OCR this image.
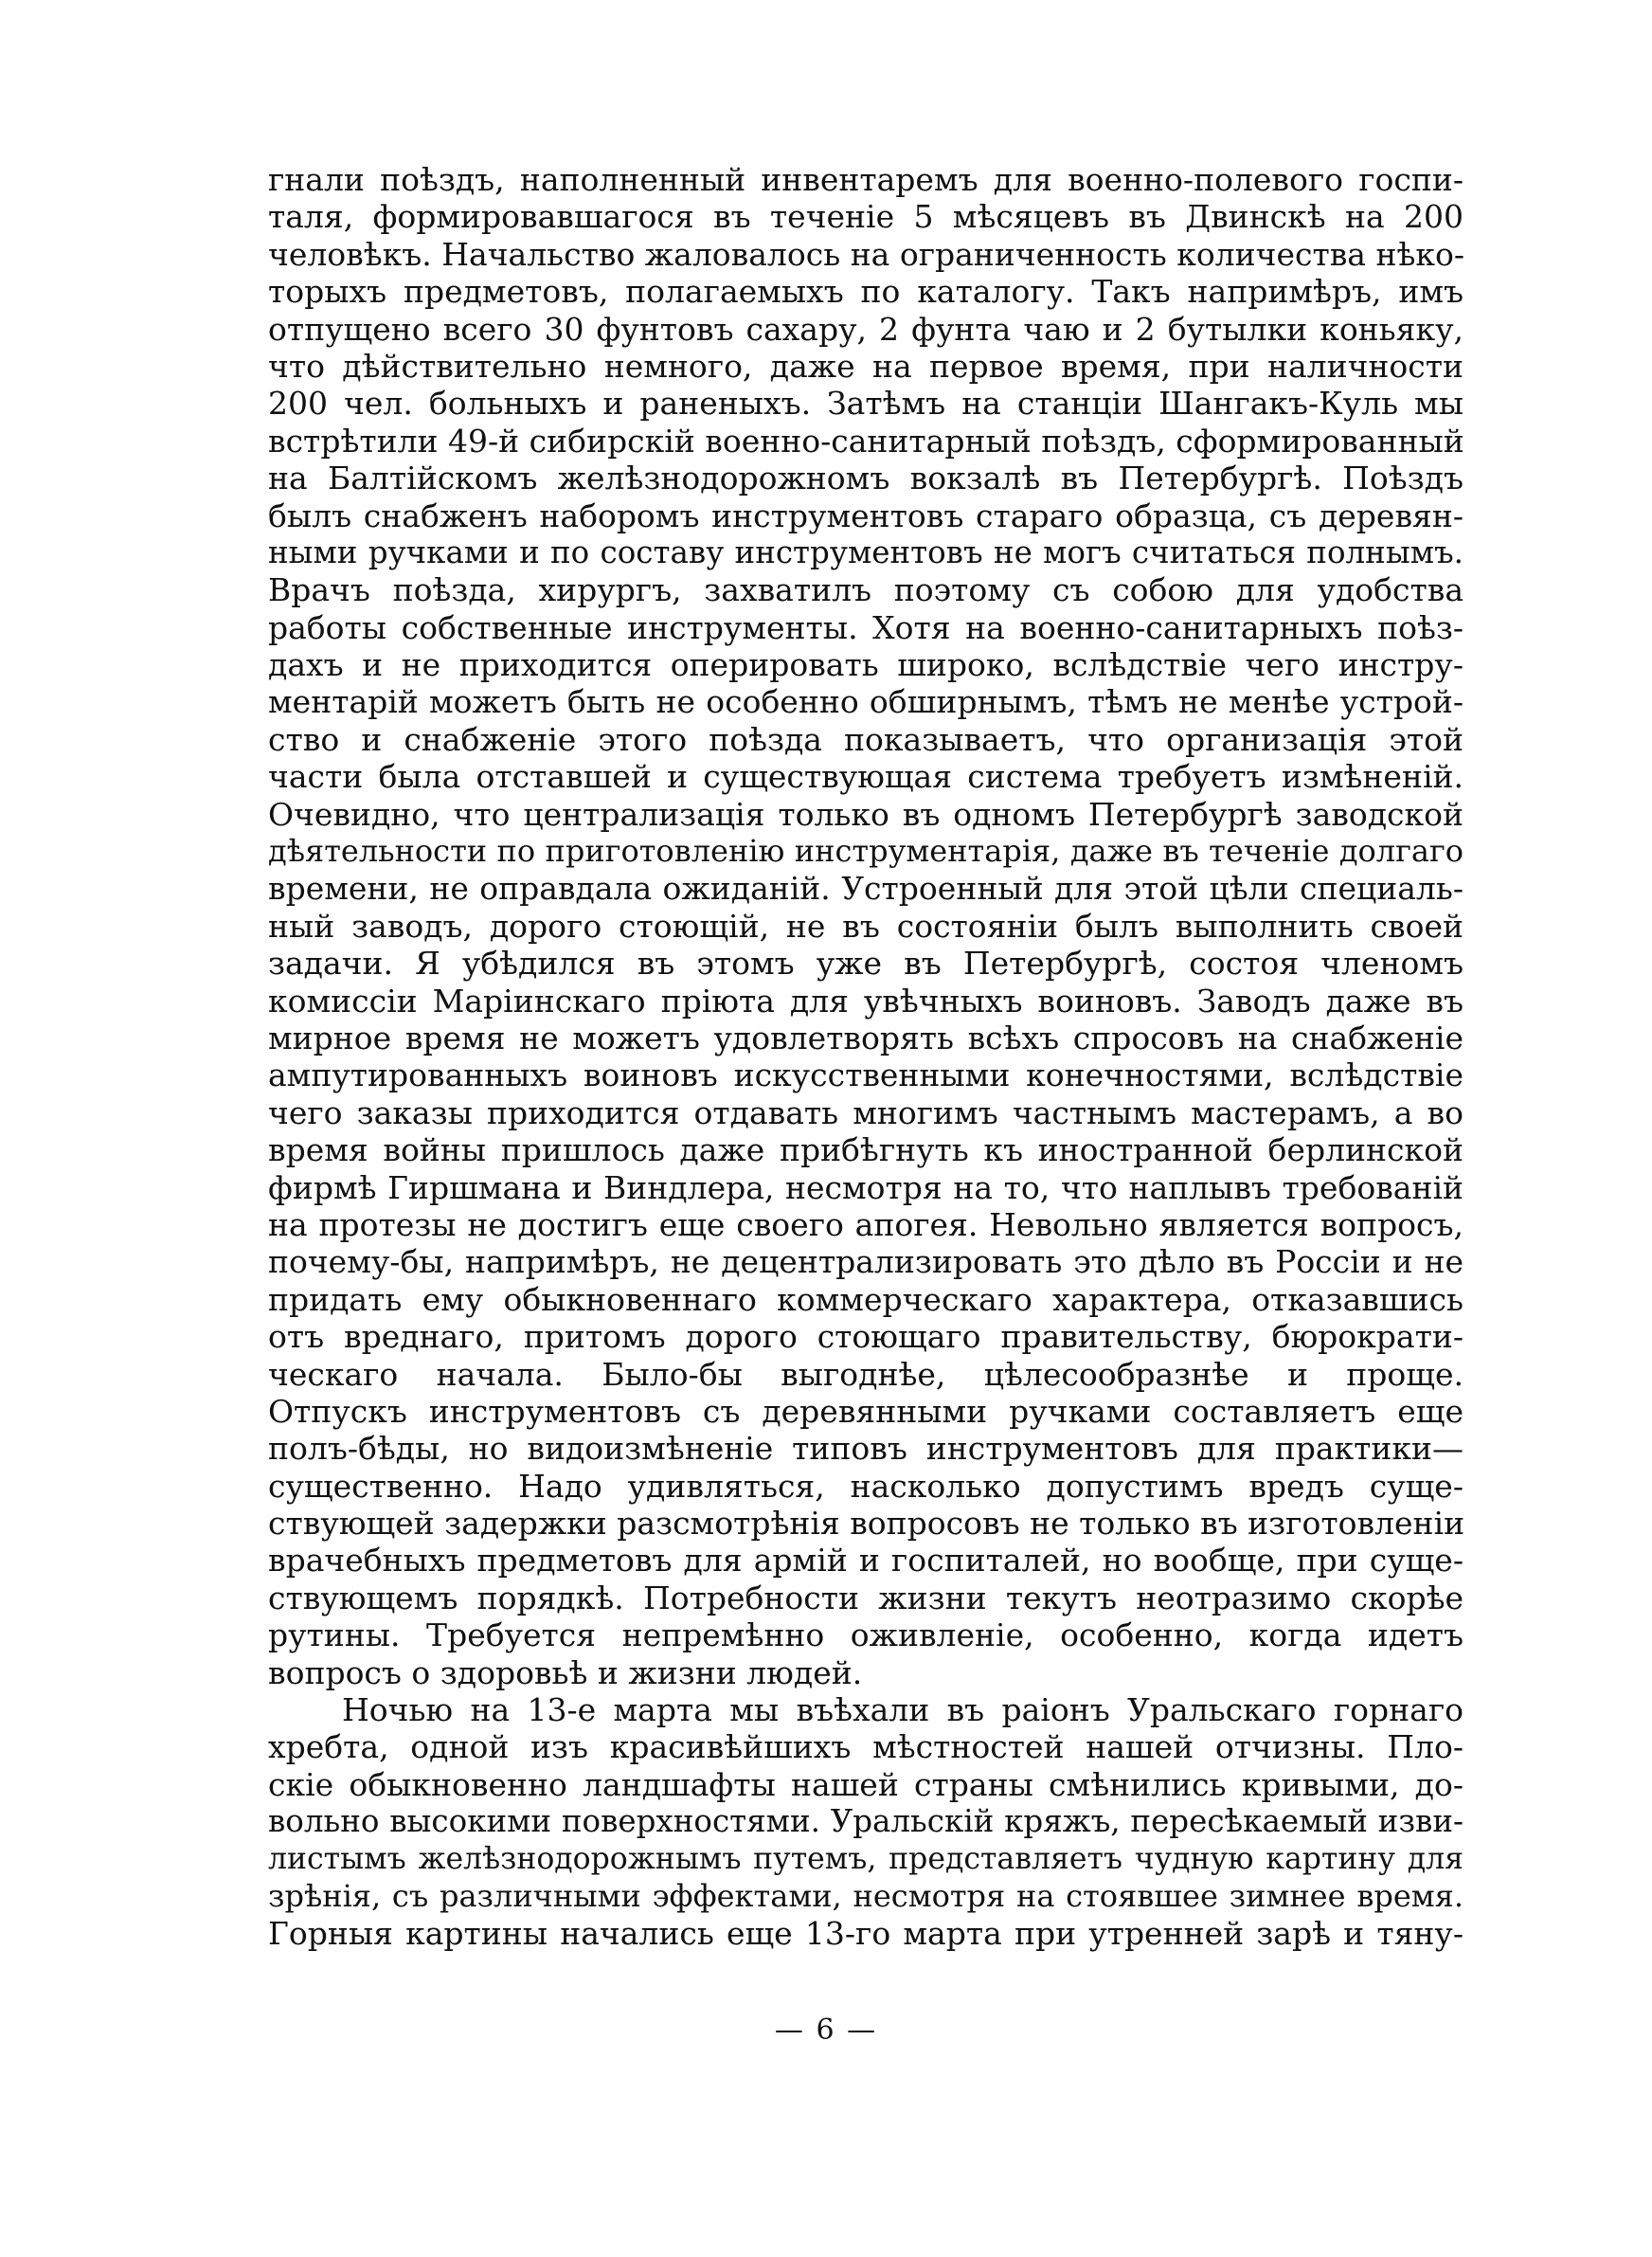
гнали поѣздъ, наполненный инвентаремъ для военно-полевого госпи-
таля, формировавшагося въ теченіе 5 мѣсяцевъ въ Двинскѣ на 200
человѣкъ. Начальство жаловалось на ограниченность количества нѣко-
торыхъ предметовъ, полагаемыхъ по каталогу. Такъ напримѣръ, имъ
отпущено всего 30 фунтовъ сахару, 2 фунта чаю и 2 бутылки коньяку,
что дѣйствительно немного, даже на первое время, при наличности
200 чел. больныхъ и раненыхъ. Затѣмъ на станціи Шангакъ-Куль мы
встрѣтили 49-й сибирскій военно-санитарный поѣздъ, сформированный
на Балтійскомъ желѣзнодорожномъ вокзалѣ въ Петербургѣ. Поѣздъ
былъ снабженъ наборомъ инструментовъ стараго образца, съ деревян-
ными ручками и по составу инструментовъ не могъ считаться полнымъ.
Врачъ поѣзда, хирургъ, захватилъ поэтому съ собою для удобства
работы собственные инструменты. Хотя на военно-санитарныхъ поѣз-
дахъ и не приходится оперировать широко, вслѣдствіе чего инстру-
ментарій можетъ быть не особенно обширнымъ, тѣмъ не менѣе устрой-
ство и снабженіе этого поѣзда показываетъ, что организація этой
части была отставшей и существующая система требуетъ измѣненій.
Очевидно, что централизація только въ одномъ Петербургѣ заводской
дѣятельности по приготовленію инструментарія, даже въ теченіе долгаго
времени, не оправдала ожиданій. Устроенный для этой цѣли специаль-
ный заводъ, дорого стоющій, не въ состояніи былъ выполнить своей
задачи. Я убѣдился въ этомъ уже въ Петербургѣ, состоя членомъ
комиссіи Маріинскаго пріюта для увѣчныхъ воиновъ. Заводъ даже въ
мирное время не можетъ удовлетворять всѣхъ спросовъ на снабженіе
ампутированныхъ воиновъ искусственными конечностями, вслѣдствіе
чего заказы приходится отдавать многимъ частнымъ мастерамъ, а во
время войны пришлось даже прибѣгнуть къ иностранной берлинской
фирмѣ Гиршмана и Виндлера, несмотря на то, что наплывъ требованій
на протезы не достигъ еще своего апогея. Невольно является вопросъ,
почему-бы, напримѣръ, не децентрализировать это дѣло въ Россіи и не
придать ему обыкновеннаго коммерческаго характера, отказавшись
отъ вреднаго, притомъ дорого стоющаго правительству, бюрократи-
ческаго начала. Было-бы выгоднѣе, цѣлесообразнѣе и проще.
Отпускъ инструментовъ съ деревянными ручками составляетъ еще
полъ-бѣды, но видоизмѣненіе типовъ инструментовъ для практики—
существенно. Надо удивляться, насколько допустимъ вредъ суще-
ствующей задержки разсмотрѣнія вопросовъ не только въ изготовленіи
врачебныхъ предметовъ для армій и госпиталей, но вообще, при суще-
ствующемъ порядкѣ. Потребности жизни текутъ неотразимо скорѣе
рутины. Требуется непремѣнно оживленіе, особенно, когда идетъ
вопросъ о здоровьѣ и жизни людей.
Ночью на 13-е марта мы въѣхали въ раіонъ Уральскаго горнаго
хребта, одной изъ красивѣйшихъ мѣстностей нашей отчизны. Пло-
скіе обыкновенно ландшафты нашей страны смѣнились кривыми, до-
вольно высокими поверхностями. Уральскій кряжъ, пересѣкаемый изви-
листымъ желѣзнодорожнымъ путемъ, представляетъ чудную картину для
зрѣнія, съ различными эффектами, несмотря на стоявшее зимнее время.
Горныя картины начались еще 13-го марта при утренней зарѣ и тяну-
— 6 —
